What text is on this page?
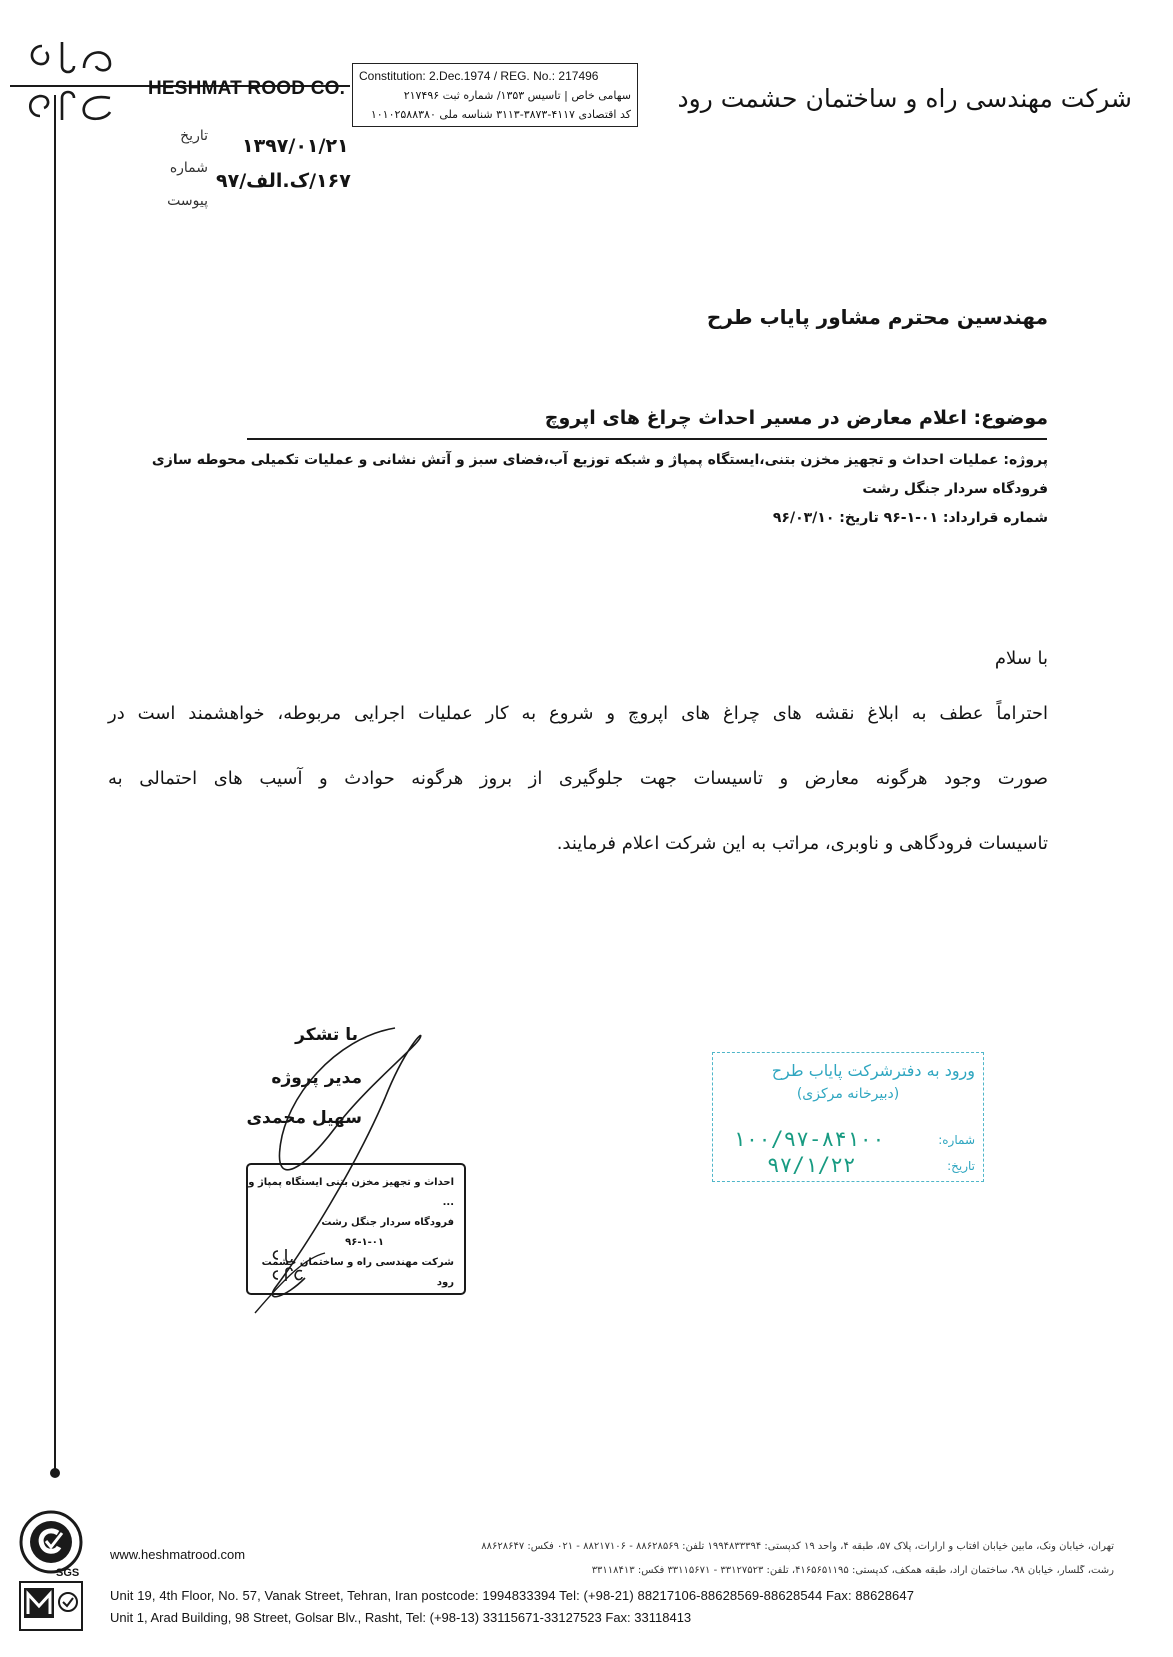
HESHMAT ROOD CO.
Constitution: 2.Dec.1974 / REG. No.: 217496
سهامی خاص | تاسیس ۱۳۵۳/ شماره ثبت ۲۱۷۴۹۶
کد اقتصادی ۴۱۱۷-۳۸۷۳-۳۱۱۳ شناسه ملی ۱۰۱۰۲۵۸۸۳۸۰
شرکت مهندسی راه و ساختمان حشمت رود
تاریخ ۱۳۹۷/۰۱/۲۱
شماره
۱۶۷/ک.الف/۹۷
پیوست
مهندسین محترم مشاور پایاب طرح
موضوع: اعلام معارض در مسیر احداث چراغ های اپروچ
پروژه: عملیات احداث و تجهیز مخزن بتنی،ایستگاه پمپاژ و شبکه توزیع آب،فضای سبز و آتش نشانی و عملیات تکمیلی محوطه سازی
فرودگاه سردار جنگل رشت
شماره قرارداد: ۰۱-۱-۹۶ تاریخ: ۹۶/۰۳/۱۰
با سلام
احتراماً عطف به ابلاغ نقشه های چراغ های اپروچ و شروع به کار عملیات اجرایی مربوطه، خواهشمند است در
صورت وجود هرگونه معارض و تاسیسات جهت جلوگیری از بروز هرگونه حوادث و آسیب های احتمالی به
تاسیسات فرودگاهی و ناوبری، مراتب به این شرکت اعلام فرمایند.
با تشکر
مدیر پروژه
سهیل محمدی
احداث و تجهیز مخزن بتنی ایستگاه پمپاژ و ...
فرودگاه سردار جنگل رشت
۹۶-۱-۰۱
شرکت مهندسی راه و ساختمان حشمت رود
ورود به دفترشرکت پایاب طرح
(دبیرخانه مرکزی)
شماره:
۱۰۰/۹۷-۸۴۱۰۰
تاریخ:
۹۷/۱/۲۲
SGS
www.heshmatrood.com
تهران، خیابان ونک، مابین خیابان آفتاب و ارارات، پلاک ۵۷، طبقه ۴، واحد ۱۹ کدپستی: ۱۹۹۴۸۳۳۳۹۴ تلفن: ۸۸۶۲۸۵۶۹ - ۸۸۲۱۷۱۰۶ - ۰۲۱ فکس: ۸۸۶۲۸۶۴۷
رشت، گلسار، خیابان ۹۸، ساختمان آراد، طبقه همکف، کدپستی: ۴۱۶۵۶۵۱۱۹۵، تلفن: ۳۳۱۲۷۵۲۳ - ۳۳۱۱۵۶۷۱ فکس: ۳۳۱۱۸۴۱۳
Unit 19, 4th Floor, No. 57, Vanak Street, Tehran, Iran postcode: 1994833394 Tel: (+98-21) 88217106-88628569-88628544 Fax: 88628647
Unit 1, Arad Building, 98 Street, Golsar Blv., Rasht, Tel: (+98-13) 33115671-33127523 Fax: 33118413
